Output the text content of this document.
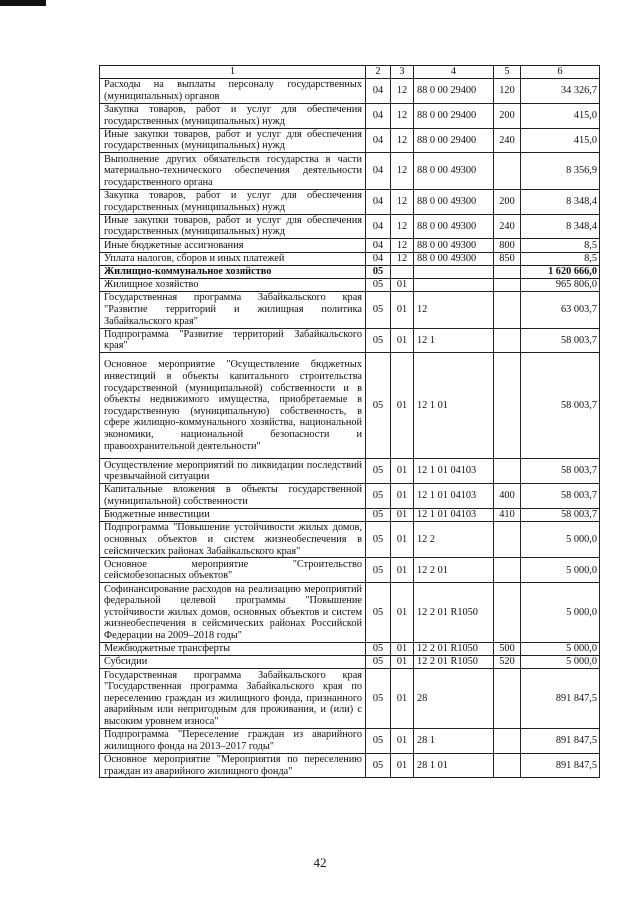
1	2	3	4	5	6
Расходы на выплаты персоналу государственных (муниципальных) органов	04	12	88 0 00 29400	120	34 326,7
Закупка товаров, работ и услуг для обеспечения государственных (муниципальных) нужд	04	12	88 0 00 29400	200	415,0
Иные закупки товаров, работ и услуг для обеспечения государственных (муниципальных) нужд	04	12	88 0 00 29400	240	415,0
Выполнение других обязательств государства в части материально-технического обеспечения деятельности государственного органа	04	12	88 0 00 49300		8 356,9
Закупка товаров, работ и услуг для обеспечения государственных (муниципальных) нужд	04	12	88 0 00 49300	200	8 348,4
Иные закупки товаров, работ и услуг для обеспечения государственных (муниципальных) нужд	04	12	88 0 00 49300	240	8 348,4
Иные бюджетные ассигнования	04	12	88 0 00 49300	800	8,5
Уплата налогов, сборов и иных платежей	04	12	88 0 00 49300	850	8,5
Жилищно-коммунальное хозяйство	05				1 620 666,0
Жилищное хозяйство	05	01			965 806,0
Государственная программа Забайкальского края "Развитие территорий и жилищная политика Забайкальского края"	05	01	12		63 003,7
Подпрограмма "Развитие территорий Забайкальского края"	05	01	12 1		58 003,7
Основное мероприятие "Осуществление бюджетных инвестиций в объекты капитального строительства государственной (муниципальной) собственности и в объекты недвижимого имущества, приобретаемые в государственную (муниципальную) собственность, в сфере жилищно-коммунального хозяйства, национальной экономики, национальной безопасности и правоохранительной деятельности"	05	01	12 1 01		58 003,7
Осуществление мероприятий по ликвидации последствий чрезвычайной ситуации	05	01	12 1 01 04103		58 003,7
Капитальные вложения в объекты государственной (муниципальной) собственности	05	01	12 1 01 04103	400	58 003,7
Бюджетные инвестиции	05	01	12 1 01 04103	410	58 003,7
Подпрограмма "Повышение устойчивости жилых домов, основных объектов и систем жизнеобеспечения в сейсмических районах Забайкальского края"	05	01	12 2		5 000,0
Основное мероприятие "Строительство сейсмобезопасных объектов"	05	01	12 2 01		5 000,0
Софинансирование расходов на реализацию мероприятий федеральной целевой программы "Повышение устойчивости жилых домов, основных объектов и систем жизнеобеспечения в сейсмических районах Российской Федерации на 2009–2018 годы"	05	01	12 2 01 R1050		5 000,0
Межбюджетные трансферты	05	01	12 2 01 R1050	500	5 000,0
Субсидии	05	01	12 2 01 R1050	520	5 000,0
Государственная программа Забайкальского края "Государственная программа Забайкальского края по переселению граждан из жилищного фонда, признанного аварийным или непригодным для проживания, и (или) с высоким уровнем износа"	05	01	28		891 847,5
Подпрограмма "Переселение граждан из аварийного жилищного фонда на 2013–2017 годы"	05	01	28 1		891 847,5
Основное мероприятие "Мероприятия по переселению граждан из аварийного жилищного фонда"	05	01	28 1 01		891 847,5
42
